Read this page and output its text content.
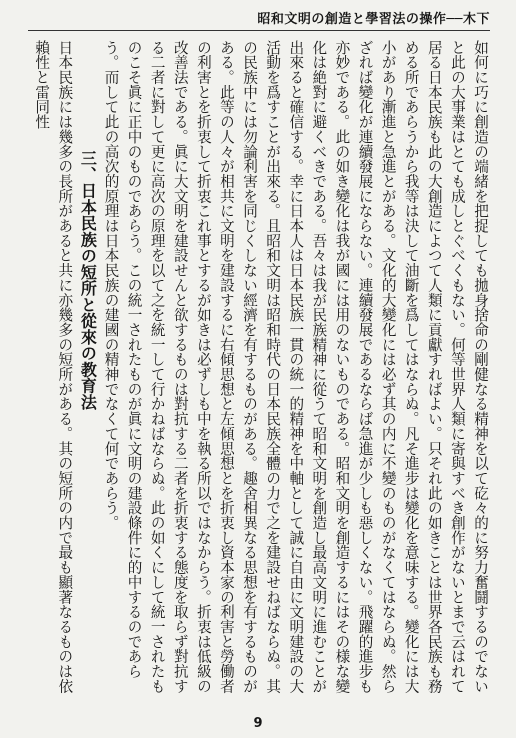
下木──作操の法習學と造創の明文和昭

如何に巧に創造の端緒を把捉しても拋身捨命の剛健なる精神を以て矻々的に努力奮鬪するのでないと此の大事業はとても成しとぐべくもない。何等世界人類に寄與すべき創作がないとまで云はれて居る日本民族も此の大創造によつて人類に貢獻すればよい。只それ此の如きことは世界各民族も務める所であらうから我等は決して油斷を爲してはならぬ。凡そ進步は變化を意味する。變化には大小があり漸進と急進とがある。文化的大變化には必ず其の内に不變のものがなくてはならぬ。然らざれば變化が連續發展にならない。連續發展であるならば急進が少しも惡しくない。飛躍的進步も亦妙である。此の如き變化は我が國には用のないものである。昭和文明を創造するにはその様な變化は絶對に避くべきである。吾々は我が民族精神に從うて昭和文明を創造し最高文明に進むことが出來ると確信する。幸に日本人は日本民族一貫の統一的精神を中軸として誠に自由に文明建設の大活動を爲すことが出來る。且昭和文明は昭和時代の日本民族全體の力で之を建設せねばならぬ。其の民族中には勿論利害を同じくしない經濟を有するものがある。趣舍相異なる思想を有するものがある。此等の人々が相共に文明を建設するに右傾思想と左傾思想とを折衷し資本家の利害と勞働者の利害とを折衷して折衷これ事とするが如きは必ずしも中を執る所以ではなからう。折衷は低級の改善法である。眞に大文明を建設せんと欲するものは對抗する二者を折衷する態度を取らず對抗する二者に對して更に高次の原理を以て之を統一して行かねばならぬ。此の如くにして統一されたものこそ眞に正中のものであらう。この統一されたものが眞に文明の建設條件に的中するのであらう。而して此の高次的原理は日本民族の建國の精神でなくて何であらう。

三、日本民族の短所と從來の教育法

日本民族には幾多の長所があると共に亦幾多の短所がある。其の短所の内で最も顯著なるものは依賴性と雷同性

9
